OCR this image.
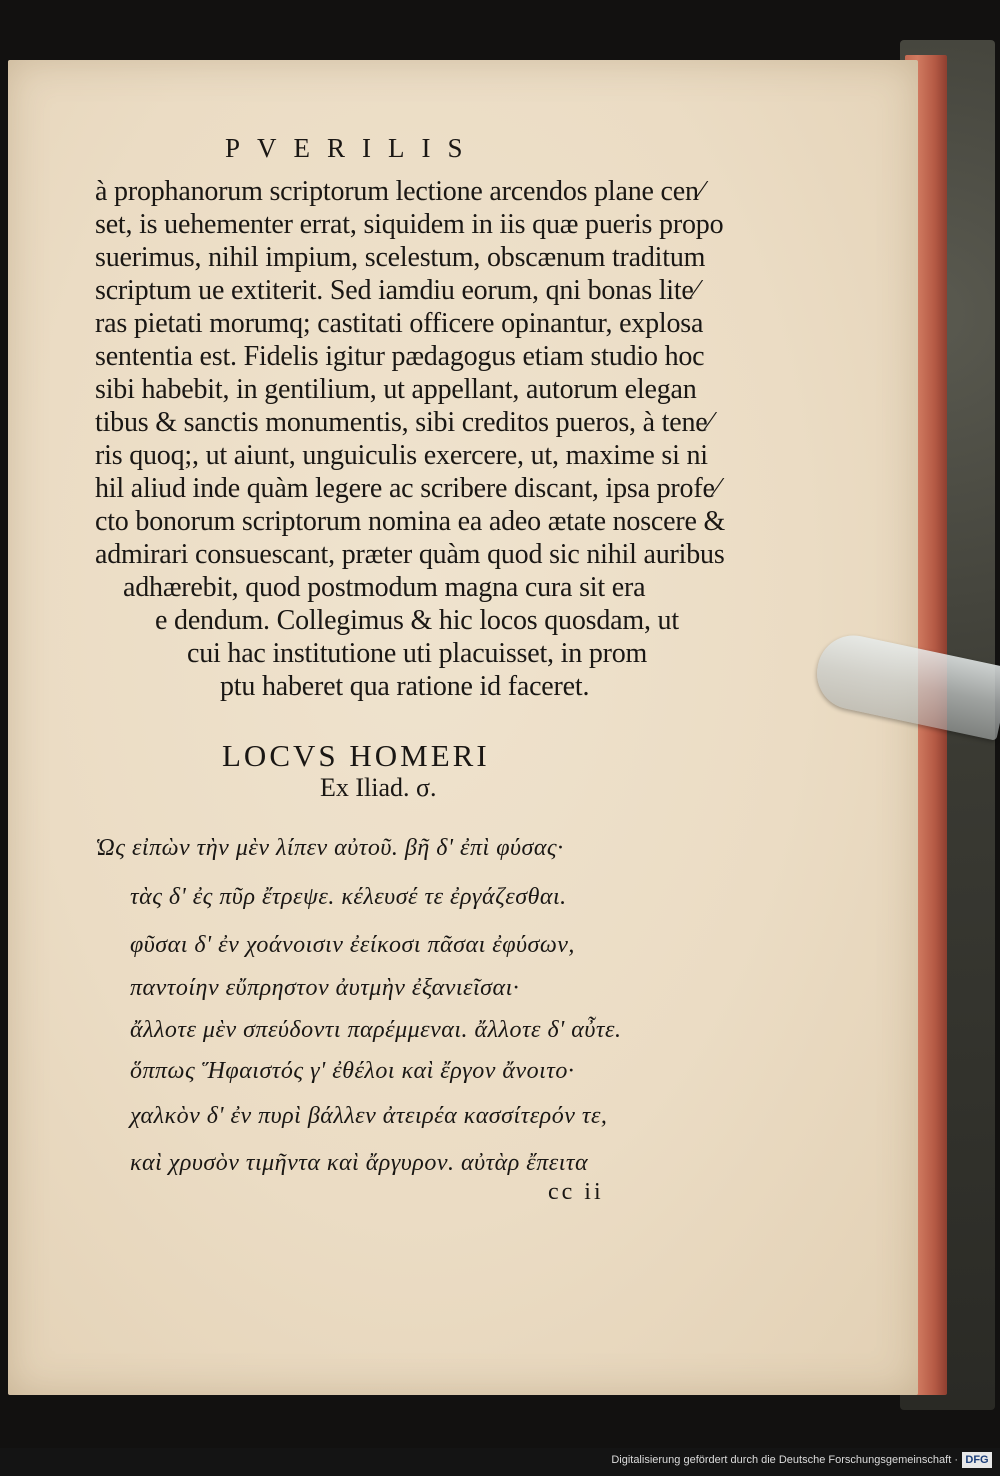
PVERILIS
à prophanorum scriptorum lectione arcendos plane cen⁄
set, is uehementer errat, siquidem in iis quæ pueris propo
suerimus, nihil impium, scelestum, obscænum traditum
scriptum ue extiterit. Sed iamdiu eorum, qni bonas lite⁄
ras pietati morumq; castitati officere opinantur, explosa
sententia est. Fidelis igitur pædagogus etiam studio hoc
sibi habebit, in gentilium, ut appellant, autorum elegan
tibus & sanctis monumentis, sibi creditos pueros, à tene⁄
ris quoq;, ut aiunt, unguiculis exercere, ut, maxime si ni
hil aliud inde quàm legere ac scribere discant, ipsa profe⁄
cto bonorum scriptorum nomina ea adeo ætate noscere &
admirari consuescant, præter quàm quod sic nihil auribus
adhærebit, quod postmodum magna cura sit era
e dendum. Collegimus & hic locos quosdam, ut
cui hac institutione uti placuisset, in prom
ptu haberet qua ratione id faceret.
LOCVS HOMERI
Ex Iliad. σ.
Ὡς εἰπὼν τὴν μὲν λίπεν αὐτοῦ. βῆ δ' ἐπὶ φύσας·
τὰς δ' ἐς πῦρ ἔτρεψε. κέλευσέ τε ἐργάζεσθαι.
φῦσαι δ' ἐν χοάνοισιν ἐείκοσι πᾶσαι ἐφύσων,
παντοίην εὔπρηστον ἀυτμὴν ἐξανιεῖσαι·
ἄλλοτε μὲν σπεύδοντι παρέμμεναι. ἄλλοτε δ' αὖτε.
ὅππως Ἥφαιστός γ' ἐθέλοι καὶ ἔργον ἄνοιτο·
χαλκὸν δ' ἐν πυρὶ βάλλεν ἀτειρέα κασσίτερόν τε,
καὶ χρυσὸν τιμῆντα καὶ ἄργυρον. αὐτὰρ ἔπειτα
cc ii
Digitalisierung gefördert durch die Deutsche Forschungsgemeinschaft · DFG
